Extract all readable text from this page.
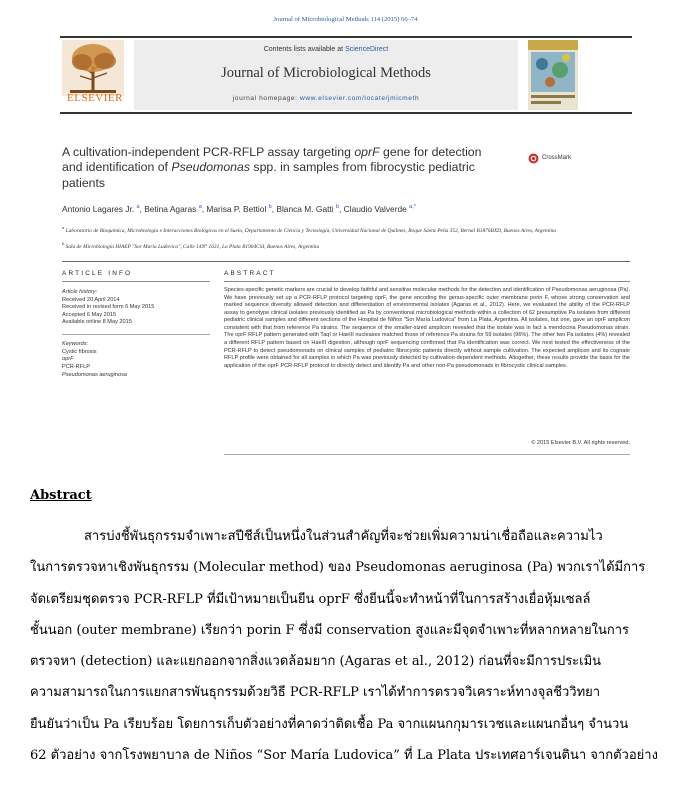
Journal of Microbiological Methods 114 (2015) 66–74
ELSEVIER
Contents lists available at ScienceDirect
Journal of Microbiological Methods
journal homepage: www.elsevier.com/locate/jmicmeth
CrossMark
A cultivation-independent PCR-RFLP assay targeting oprF gene for detection and identification of Pseudomonas spp. in samples from fibrocystic pediatric patients
Antonio Lagares Jr. $^a$, Betina Agaras $^a$, Marisa P. Bettiol $^b$, Blanca M. Gatti $^b$, Claudio Valverde $^{a,*}$
$^a$ Laboratorio de Bioquímica, Microbiología e Interacciones Biológicas en el Suelo, Departamento de Ciencia y Tecnología, Universidad Nacional de Quilmes, Roque Sáenz Peña 352, Bernal B1876BXD, Buenos Aires, Argentina
$^b$ Sala de Microbiología HIAEP "Sor María Ludovica", Calle 14N° 1631, La Plata B1904CSI, Buenos Aires, Argentina
ARTICLE INFO	ABSTRACT
Article history:
Received 20 April 2014
Received in revised form 6 May 2015
Accepted 6 May 2015
Available online 8 May 2015
Keywords:
Cystic fibrosis
oprF
PCR-RFLP
Pseudomonas aeruginosa
Species-specific genetic markers are crucial to develop faithful and sensitive molecular methods for the detection and identification of Pseudomonas aeruginosa (Pa). We have previously set up a PCR-RFLP protocol targeting oprF, the gene encoding the genus-specific outer membrane porin F, whose strong conservation and marked sequence diversity allowed detection and differentiation of environmental isolates (Agaras et al., 2012). Here, we evaluated the ability of the PCR-RFLP assay to genotype clinical isolates previously identified as Pa by conventional microbiological methods within a collection of 62 presumptive Pa isolates from different pediatric clinical samples and different sections of the Hospital de Niños "Sor María Ludovica" from La Plata, Argentina. All isolates, but one, gave an oprF amplicon consistent with that from reference Pa strains. The sequence of the smaller-sized amplicon revealed that the isolate was in fact a mendocina Pseudomonas strain. The oprF RFLP pattern generated with TaqI or HaeIII nucleases matched those of reference Pa strains for 59 isolates (96%). The other two Pa isolates (4%) revealed a different RFLP pattern based on HaeIII digestion, although oprF sequencing confirmed that Pa identification was correct. We next tested the effectiveness of the PCR-RFLP to detect pseudomonads on clinical samples of pediatric fibrocystic patients directly without sample cultivation. The expected amplicon and its cognate RFLP profile were obtained for all samples in which Pa was previously detected by cultivation-dependent methods. Altogether, these results provide the basis for the application of the oprF PCR-RFLP protocol to directly detect and identify Pa and other non-Pa pseudomonads in fibrocystic clinical samples.
© 2015 Elsevier B.V. All rights reserved.
Abstract
สารบ่งชี้พันธุกรรมจำเพาะสปีชีส์เป็นหนึ่งในส่วนสำคัญที่จะช่วยเพิ่มความน่าเชื่อถือและความไว
ในการตรวจหาเชิงพันธุกรรม (Molecular method) ของ Pseudomonas aeruginosa (Pa) พวกเราได้มีการ
จัดเตรียมชุดตรวจ PCR-RFLP ที่มีเป้าหมายเป็นยีน oprF ซึ่งยีนนี้จะทำหน้าที่ในการสร้างเยื่อหุ้มเซลล์
ชั้นนอก (outer membrane) เรียกว่า porin F ซึ่งมี conservation สูงและมีจุดจำเพาะที่หลากหลายในการ
ตรวจหา (detection) และแยกออกจากสิ่งแวดล้อมยาก (Agaras et al., 2012) ก่อนที่จะมีการประเมิน
ความสามารถในการแยกสารพันธุกรรมด้วยวิธี PCR-RFLP เราได้ทำการตรวจวิเคราะห์ทางจุลชีววิทยา
ยืนยันว่าเป็น Pa เรียบร้อย โดยการเก็บตัวอย่างที่คาดว่าติดเชื้อ Pa จากแผนกกุมารเวชและแผนกอื่นๆ จำนวน
62 ตัวอย่าง จากโรงพยาบาล de Niños “Sor María Ludovica” ที่ La Plata ประเทศอาร์เจนตินา จากตัวอย่าง
